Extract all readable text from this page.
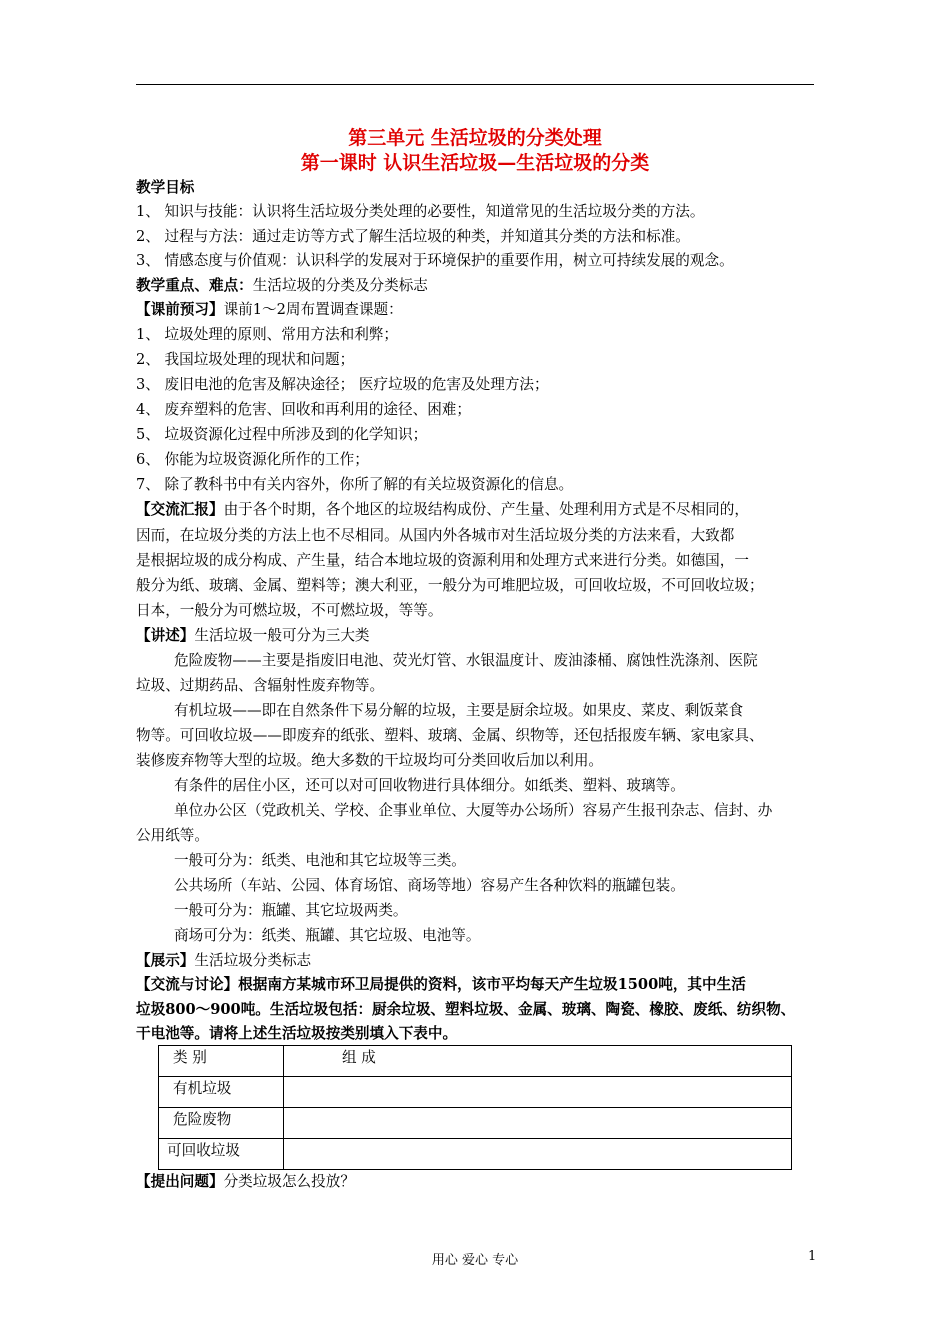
第三单元 生活垃圾的分类处理
第一课时 认识生活垃圾—生活垃圾的分类
教学目标
1、 知识与技能：认识将生活垃圾分类处理的必要性，知道常见的生活垃圾分类的方法。
2、 过程与方法：通过走访等方式了解生活垃圾的种类，并知道其分类的方法和标准。
3、 情感态度与价值观：认识科学的发展对于环境保护的重要作用，树立可持续发展的观念。
教学重点、难点：生活垃圾的分类及分类标志
【课前预习】课前1～2周布置调查课题：
1、 垃圾处理的原则、常用方法和利弊；
2、 我国垃圾处理的现状和问题；
3、 废旧电池的危害及解决途径； 医疗垃圾的危害及处理方法；
4、 废弃塑料的危害、回收和再利用的途径、困难；
5、 垃圾资源化过程中所涉及到的化学知识；
6、 你能为垃圾资源化所作的工作；
7、 除了教科书中有关内容外，你所了解的有关垃圾资源化的信息。
【交流汇报】由于各个时期，各个地区的垃圾结构成份、产生量、处理利用方式是不尽相同的，
因而，在垃圾分类的方法上也不尽相同。从国内外各城市对生活垃圾分类的方法来看，大致都
是根据垃圾的成分构成、产生量，结合本地垃圾的资源利用和处理方式来进行分类。如德国，一
般分为纸、玻璃、金属、塑料等；澳大利亚，一般分为可堆肥垃圾，可回收垃圾，不可回收垃圾；
日本，一般分为可燃垃圾，不可燃垃圾，等等。
【讲述】生活垃圾一般可分为三大类
危险废物——主要是指废旧电池、荧光灯管、水银温度计、废油漆桶、腐蚀性洗涤剂、医院
垃圾、过期药品、含辐射性废弃物等。
有机垃圾——即在自然条件下易分解的垃圾，主要是厨余垃圾。如果皮、菜皮、剩饭菜食
物等。可回收垃圾——即废弃的纸张、塑料、玻璃、金属、织物等，还包括报废车辆、家电家具、
装修废弃物等大型的垃圾。绝大多数的干垃圾均可分类回收后加以利用。
有条件的居住小区，还可以对可回收物进行具体细分。如纸类、塑料、玻璃等。
单位办公区（党政机关、学校、企事业单位、大厦等办公场所）容易产生报刊杂志、信封、办
公用纸等。
一般可分为：纸类、电池和其它垃圾等三类。
公共场所（车站、公园、体育场馆、商场等地）容易产生各种饮料的瓶罐包装。
一般可分为：瓶罐、其它垃圾两类。
商场可分为：纸类、瓶罐、其它垃圾、电池等。
【展示】生活垃圾分类标志
【交流与讨论】根据南方某城市环卫局提供的资料，该市平均每天产生垃圾1500吨，其中生活
垃圾800～900吨。生活垃圾包括：厨余垃圾、塑料垃圾、金属、玻璃、陶瓷、橡胶、废纸、纺织物、
干电池等。请将上述生活垃圾按类别填入下表中。
类 别	组 成
有机垃圾	
危险废物	
可回收垃圾	
【提出问题】分类垃圾怎么投放？
用心 爱心 专心	1
